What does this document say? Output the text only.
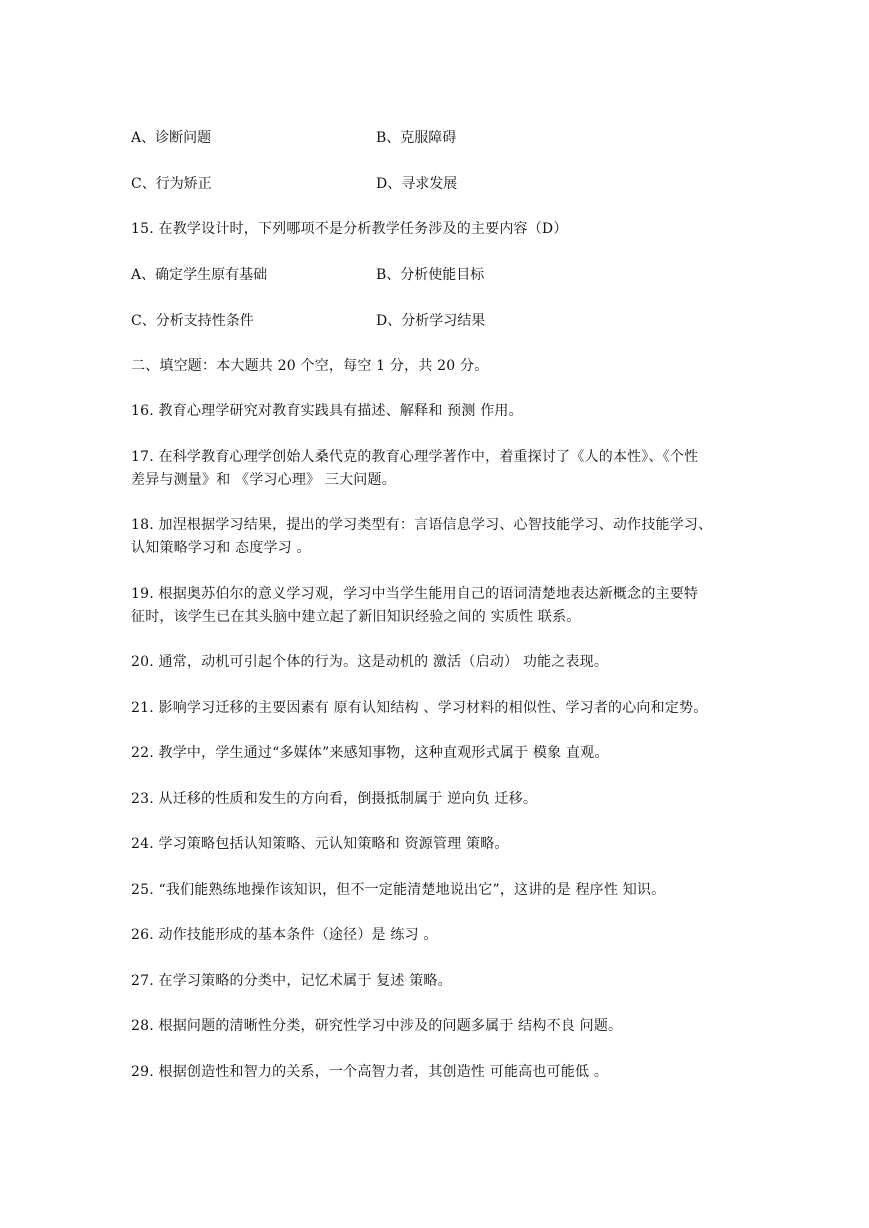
A、诊断问题	B、克服障碍
C、行为矫正	D、寻求发展
15. 在教学设计时，下列哪项不是分析教学任务涉及的主要内容（D）
A、确定学生原有基础	B、分析使能目标
C、分析支持性条件	D、分析学习结果
二、填空题：本大题共 20 个空，每空 1 分，共 20 分。
16. 教育心理学研究对教育实践具有描述、解释和 预测 作用。
17. 在科学教育心理学创始人桑代克的教育心理学著作中，着重探讨了《人的本性》、《个性
差异与测量》和 《学习心理》 三大问题。
18. 加涅根据学习结果，提出的学习类型有：言语信息学习、心智技能学习、动作技能学习、
认知策略学习和 态度学习 。
19. 根据奥苏伯尔的意义学习观，学习中当学生能用自己的语词清楚地表达新概念的主要特
征时，该学生已在其头脑中建立起了新旧知识经验之间的 实质性 联系。
20. 通常，动机可引起个体的行为。这是动机的 激活（启动） 功能之表现。
21. 影响学习迁移的主要因素有 原有认知结构 、学习材料的相似性、学习者的心向和定势。
22. 教学中，学生通过“多媒体”来感知事物，这种直观形式属于 模象 直观。
23. 从迁移的性质和发生的方向看，倒摄抵制属于 逆向负 迁移。
24. 学习策略包括认知策略、元认知策略和 资源管理 策略。
25. “我们能熟练地操作该知识，但不一定能清楚地说出它”，这讲的是 程序性 知识。
26. 动作技能形成的基本条件（途径）是 练习 。
27. 在学习策略的分类中，记忆术属于 复述 策略。
28. 根据问题的清晰性分类，研究性学习中涉及的问题多属于 结构不良 问题。
29. 根据创造性和智力的关系，一个高智力者，其创造性 可能高也可能低 。
